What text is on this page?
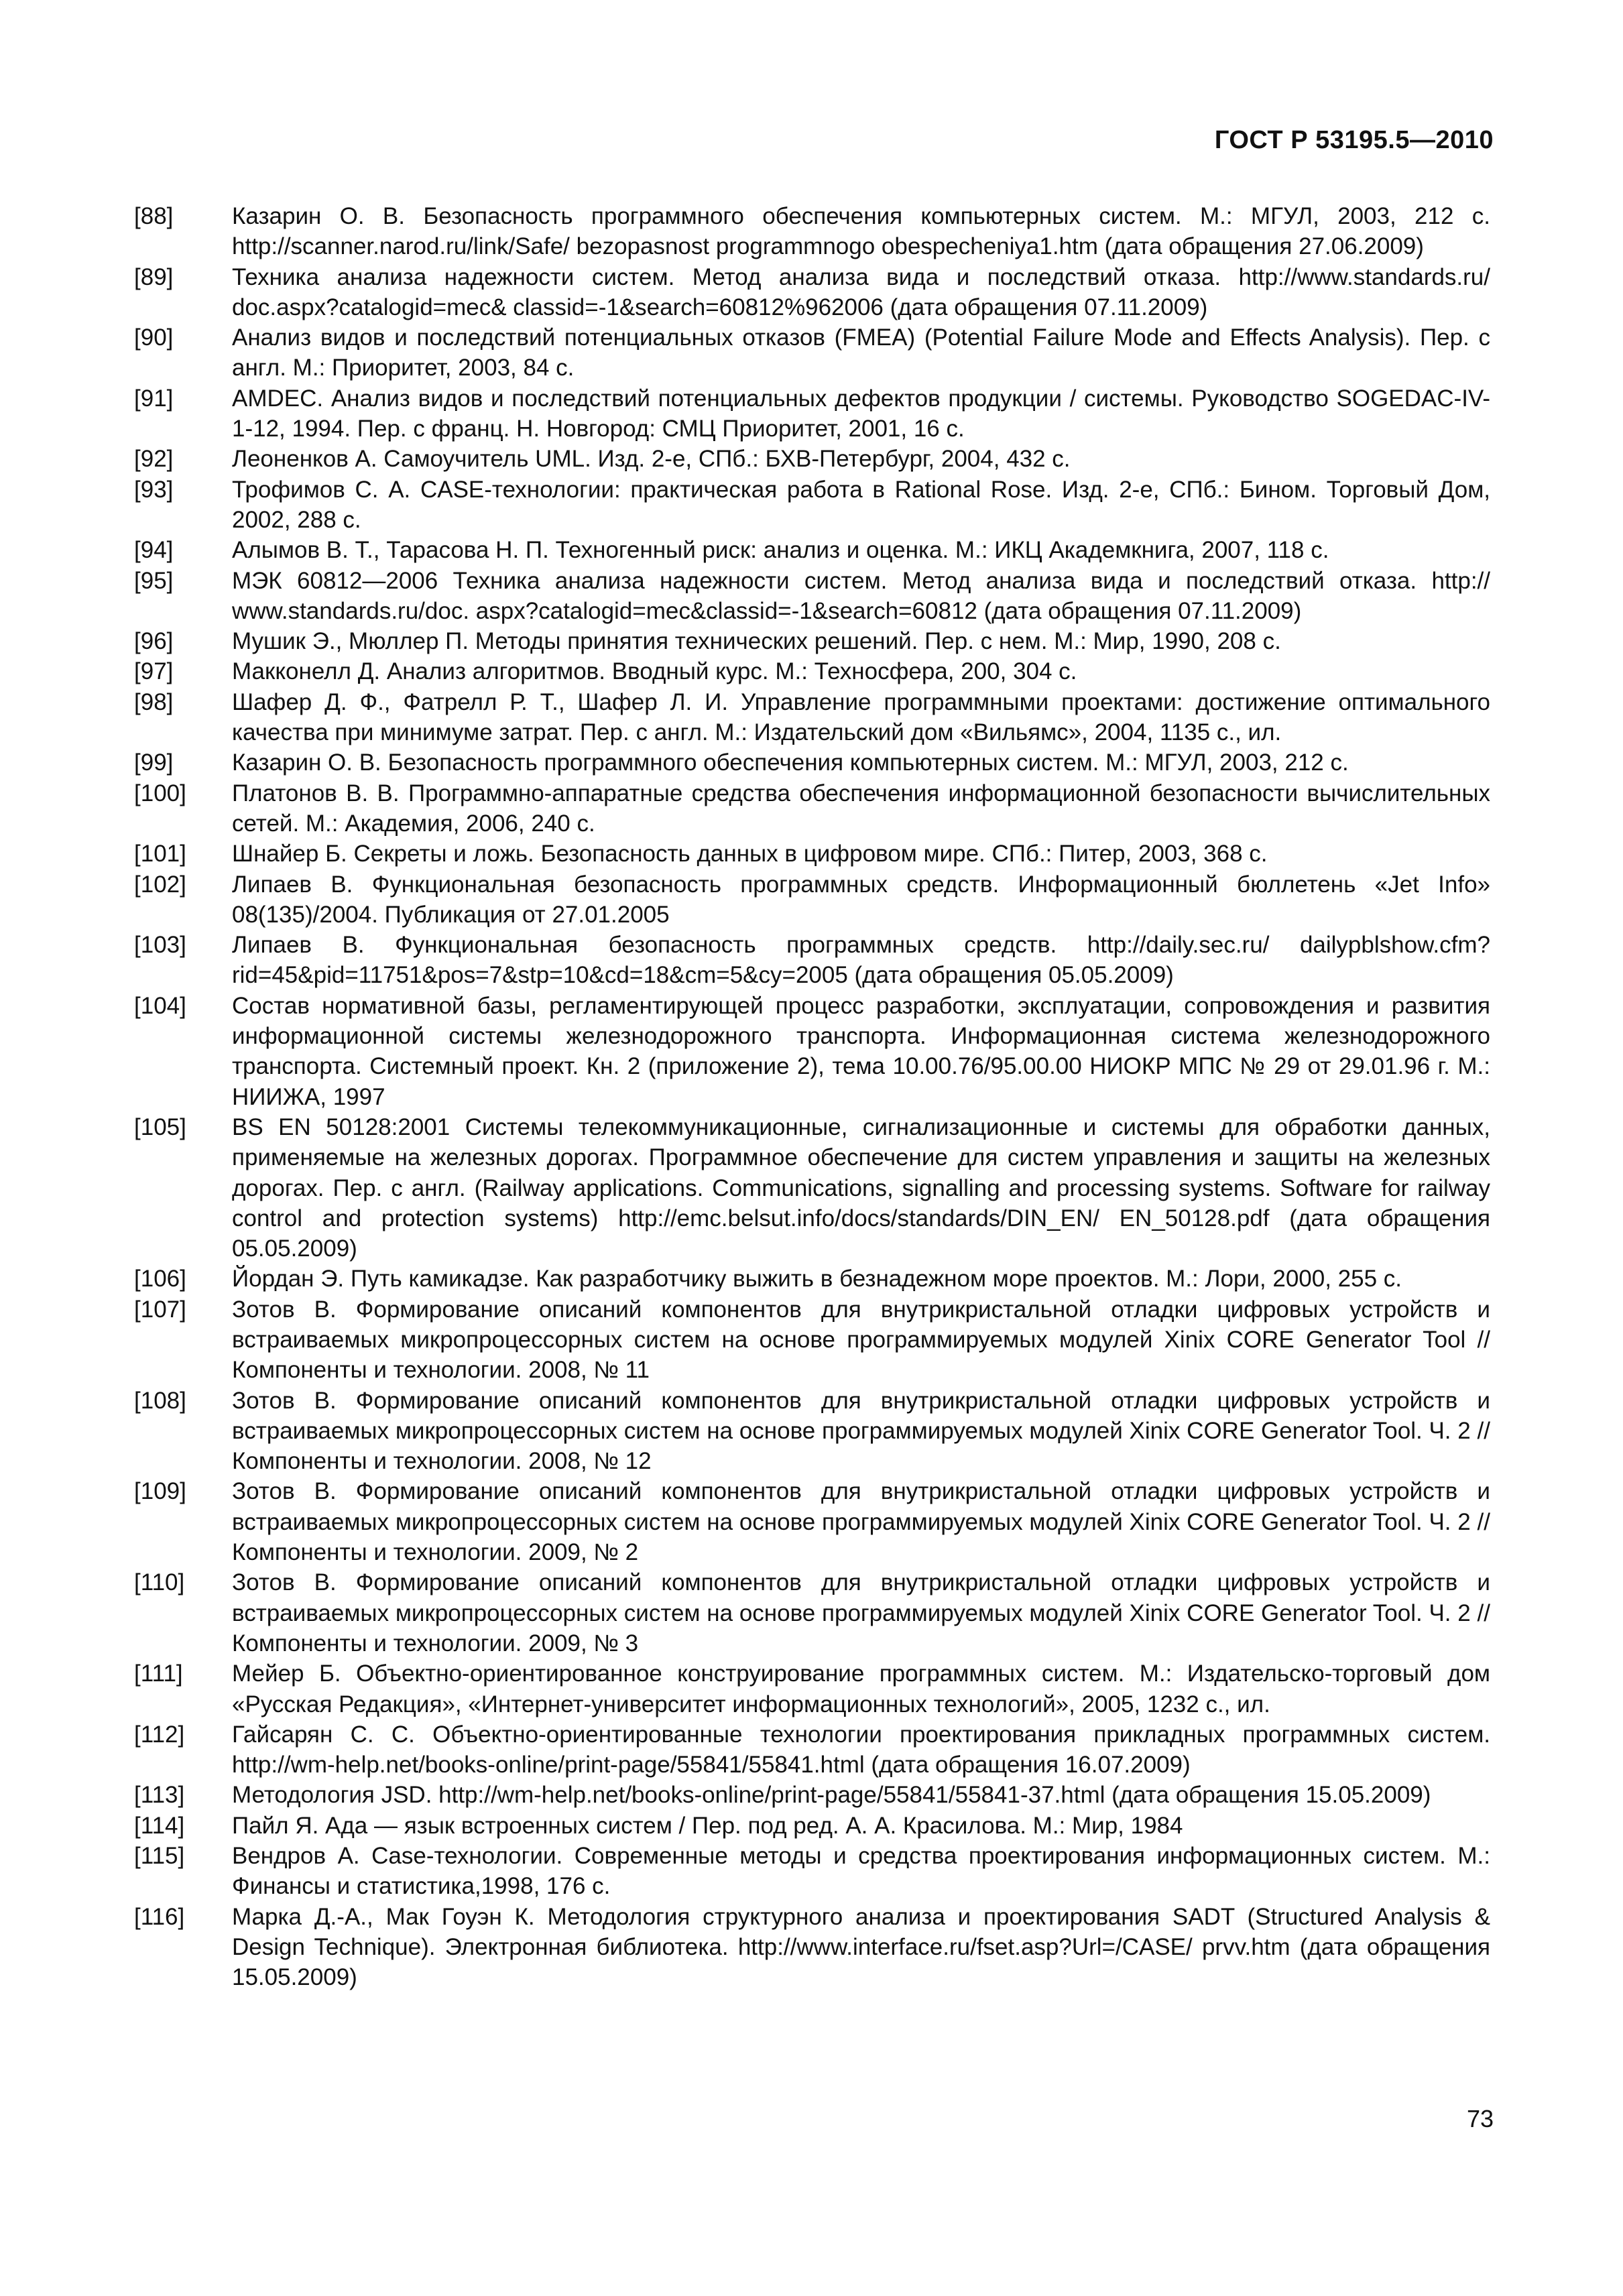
ГОСТ Р 53195.5—2010
[88]	Казарин О. В. Безопасность программного обеспечения компьютерных систем. М.: МГУЛ, 2003, 212 с. http://scanner.narod.ru/link/Safe/ bezopasnost programmnogo obespecheniya1.htm (дата обращения 27.06.2009)
[89]	Техника анализа надежности систем. Метод анализа вида и последствий отказа. http://www.standards.ru/ doc.aspx?catalogid=mec& classid=-1&search=60812%962006 (дата обращения 07.11.2009)
[90]	Анализ видов и последствий потенциальных отказов (FMEA) (Potential Failure Mode and Effects Analysis). Пер. с англ. М.: Приоритет, 2003, 84 с.
[91]	AMDEC. Анализ видов и последствий потенциальных дефектов продукции / системы. Руководство SOGEDAC-IV-1-12, 1994. Пер. с франц. Н. Новгород: СМЦ Приоритет, 2001, 16 с.
[92]	Леоненков А. Самоучитель UML. Изд. 2-е, СПб.: БХВ-Петербург, 2004, 432 с.
[93]	Трофимов С. А. CASE-технологии: практическая работа в Rational Rose. Изд. 2-е, СПб.: Бином. Торговый Дом, 2002, 288 с.
[94]	Алымов В. Т., Тарасова Н. П. Техногенный риск: анализ и оценка. М.: ИКЦ Академкнига, 2007, 118 с.
[95]	МЭК 60812—2006 Техника анализа надежности систем. Метод анализа вида и последствий отказа. http:// www.standards.ru/doc. aspx?catalogid=mec&classid=-1&search=60812 (дата обращения 07.11.2009)
[96]	Мушик Э., Мюллер П. Методы принятия технических решений. Пер. с нем. М.: Мир, 1990, 208 с.
[97]	Макконелл Д. Анализ алгоритмов. Вводный курс. М.: Техносфера, 200, 304 с.
[98]	Шафер Д. Ф., Фатрелл Р. Т., Шафер Л. И. Управление программными проектами: достижение оптимального качества при минимуме затрат. Пер. с англ. М.: Издательский дом «Вильямс», 2004, 1135 с., ил.
[99]	Казарин О. В. Безопасность программного обеспечения компьютерных систем. М.: МГУЛ, 2003, 212 с.
[100] Платонов В. В. Программно-аппаратные средства обеспечения информационной безопасности вычислительных сетей. М.: Академия, 2006, 240 с.
[101] Шнайер Б. Секреты и ложь. Безопасность данных в цифровом мире. СПб.: Питер, 2003, 368 с.
[102] Липаев В. Функциональная безопасность программных средств. Информационный бюллетень «Jet Info» 08(135)/2004. Публикация от 27.01.2005
[103] Липаев В. Функциональная безопасность программных средств. http://daily.sec.ru/ dailypblshow.cfm?rid=45&pid=11751&pos=7&stp=10&cd=18&cm=5&cy=2005 (дата обращения 05.05.2009)
[104] Состав нормативной базы, регламентирующей процесс разработки, эксплуатации, сопровождения и развития информационной системы железнодорожного транспорта. Информационная система железнодорожного транспорта. Системный проект. Кн. 2 (приложение 2), тема 10.00.76/95.00.00 НИОКР МПС № 29 от 29.01.96 г. М.: НИИЖА, 1997
[105] BS EN 50128:2001 Системы телекоммуникационные, сигнализационные и системы для обработки данных, применяемые на железных дорогах. Программное обеспечение для систем управления и защиты на железных дорогах. Пер. с англ. (Railway applications. Communications, signalling and processing systems. Software for railway control and protection systems) http://emc.belsut.info/docs/standards/DIN_EN/ EN_50128.pdf (дата обращения 05.05.2009)
[106] Йордан Э. Путь камикадзе. Как разработчику выжить в безнадежном море проектов. М.: Лори, 2000, 255 с.
[107] Зотов В. Формирование описаний компонентов для внутрикристальной отладки цифровых устройств и встраиваемых микропроцессорных систем на основе программируемых модулей Xinix CORE Generator Tool // Компоненты и технологии. 2008, № 11
[108] Зотов В. Формирование описаний компонентов для внутрикристальной отладки цифровых устройств и встраиваемых микропроцессорных систем на основе программируемых модулей Xinix CORE Generator Tool. Ч. 2 // Компоненты и технологии. 2008, № 12
[109] Зотов В. Формирование описаний компонентов для внутрикристальной отладки цифровых устройств и встраиваемых микропроцессорных систем на основе программируемых модулей Xinix CORE Generator Tool. Ч. 2 // Компоненты и технологии. 2009, № 2
[110] Зотов В. Формирование описаний компонентов для внутрикристальной отладки цифровых устройств и встраиваемых микропроцессорных систем на основе программируемых модулей Xinix CORE Generator Tool. Ч. 2 // Компоненты и технологии. 2009, № 3
[111] Мейер Б. Объектно-ориентированное конструирование программных систем. М.: Издательско-торговый дом «Русская Редакция», «Интернет-университет информационных технологий», 2005, 1232 с., ил.
[112] Гайсарян С. С. Объектно-ориентированные технологии проектирования прикладных программных систем. http://wm-help.net/books-online/print-page/55841/55841.html (дата обращения 16.07.2009)
[113] Методология JSD. http://wm-help.net/books-online/print-page/55841/55841-37.html (дата обращения 15.05.2009)
[114] Пайл Я. Ада — язык встроенных систем / Пер. под ред. А. А. Красилова. М.: Мир, 1984
[115] Вендров А. Case-технологии. Современные методы и средства проектирования информационных систем. М.: Финансы и статистика,1998, 176 с.
[116] Марка Д.-А., Мак Гоуэн К. Методология структурного анализа и проектирования SADT (Structured Analysis & Design Technique). Электронная библиотека. http://www.interface.ru/fset.asp?Url=/CASE/ prvv.htm (дата обращения 15.05.2009)
73
